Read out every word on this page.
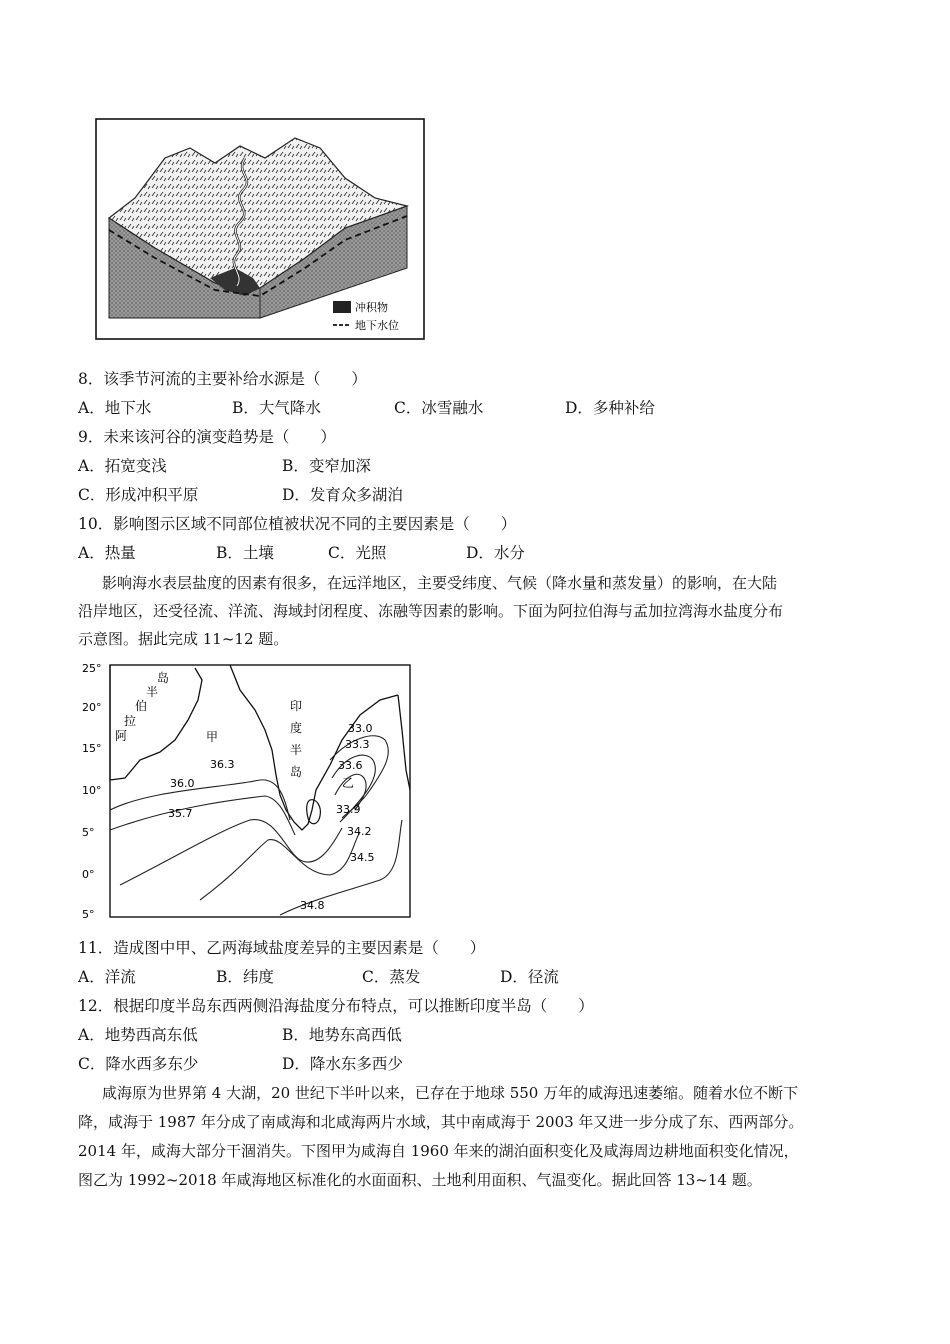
冲积物
地下水位
8．该季节河流的主要补给水源是（　　）
A．地下水	B．大气降水	C．冰雪融水	D．多种补给
9．未来该河谷的演变趋势是（　　）
A．拓宽变浅	B．变窄加深
C．形成冲积平原	D．发育众多湖泊
10．影响图示区域不同部位植被状况不同的主要因素是（　　）
A．热量	B．土壤	C．光照	D．水分
影响海水表层盐度的因素有很多，在远洋地区，主要受纬度、气候（降水量和蒸发量）的影响，在大陆
沿岸地区，还受径流、洋流、海域封闭程度、冻融等因素的影响。下面为阿拉伯海与孟加拉湾海水盐度分布
示意图。据此完成 11~12 题。
25°
20°
15°
10°
5°
0°
5°
阿
拉
伯
半
岛
印
度
半
岛
甲
乙
36.3
36.0
35.7
33.0
33.3
33.6
33.9
34.2
34.5
34.8
11．造成图中甲、乙两海域盐度差异的主要因素是（　　）
A．洋流	B．纬度	C．蒸发	D．径流
12．根据印度半岛东西两侧沿海盐度分布特点，可以推断印度半岛（　　）
A．地势西高东低	B．地势东高西低
C．降水西多东少	D．降水东多西少
咸海原为世界第 4 大湖，20 世纪下半叶以来，已存在于地球 550 万年的咸海迅速萎缩。随着水位不断下
降，咸海于 1987 年分成了南咸海和北咸海两片水域，其中南咸海于 2003 年又进一步分成了东、西两部分。
2014 年，咸海大部分干涸消失。下图甲为咸海自 1960 年来的湖泊面积变化及咸海周边耕地面积变化情况，
图乙为 1992~2018 年咸海地区标准化的水面面积、土地利用面积、气温变化。据此回答 13~14 题。
